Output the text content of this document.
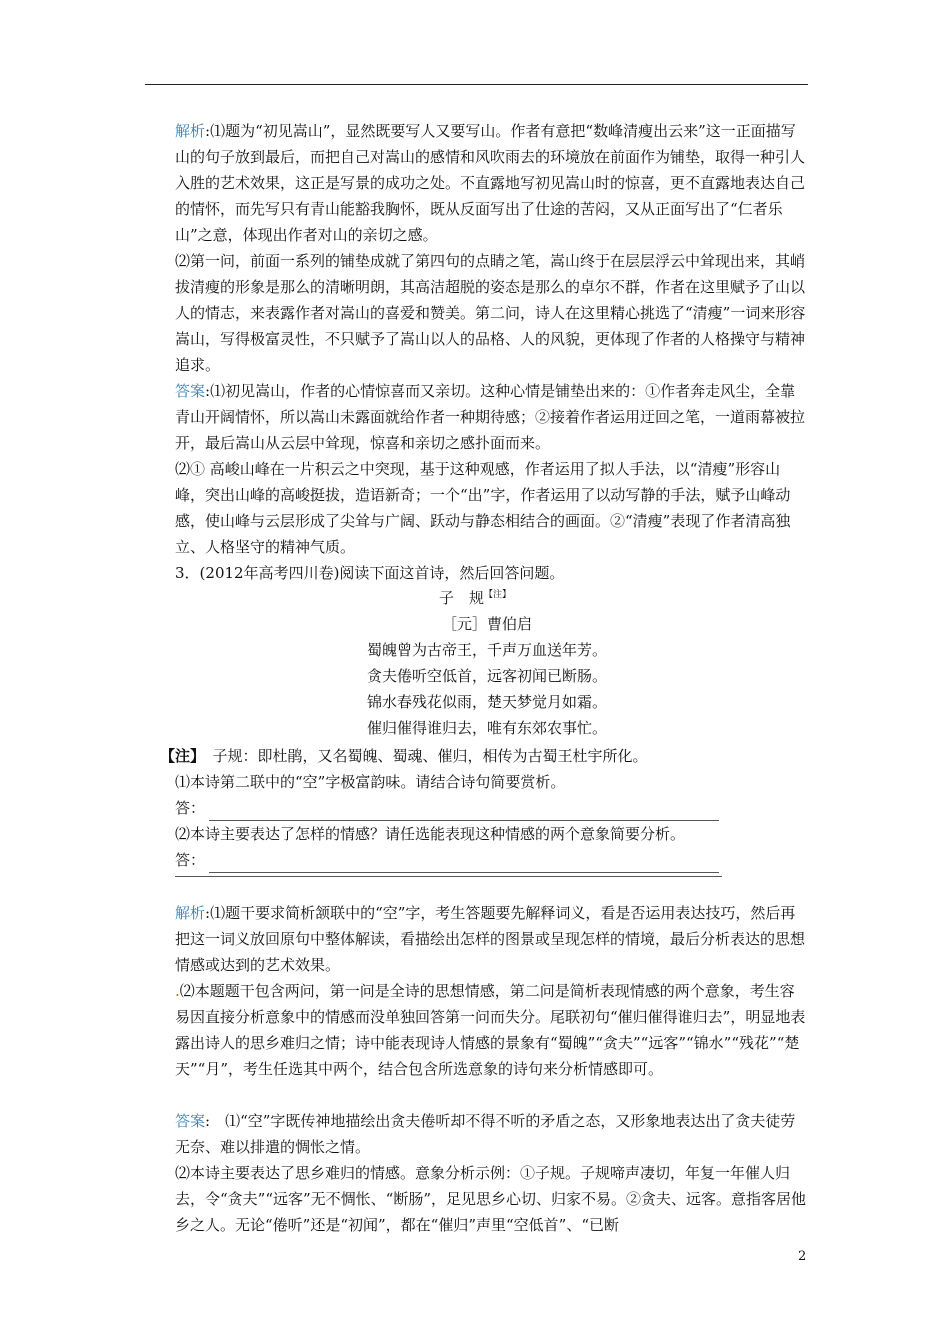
解析:⑴题为“初见嵩山”，显然既要写人又要写山。作者有意把“数峰清瘦出云来”这一正面描写山的句子放到最后，而把自己对嵩山的感情和风吹雨去的环境放在前面作为铺垫，取得一种引人入胜的艺术效果，这正是写景的成功之处。不直露地写初见嵩山时的惊喜，更不直露地表达自己的情怀，而先写只有青山能豁我胸怀，既从反面写出了仕途的苦闷，又从正面写出了“仁者乐山”之意，体现出作者对山的亲切之感。

⑵第一问，前面一系列的铺垫成就了第四句的点睛之笔，嵩山终于在层层浮云中耸现出来，其峭拔清瘦的形象是那么的清晰明朗，其高洁超脱的姿态是那么的卓尔不群，作者在这里赋予了山以人的情志，来表露作者对嵩山的喜爱和赞美。第二问，诗人在这里精心挑选了“清瘦”一词来形容嵩山，写得极富灵性，不只赋予了嵩山以人的品格、人的风貌，更体现了作者的人格操守与精神追求。

答案:⑴初见嵩山，作者的心情惊喜而又亲切。这种心情是铺垫出来的：①作者奔走风尘，全靠青山开阔情怀，所以嵩山未露面就给作者一种期待感；②接着作者运用迂回之笔，一道雨幕被拉开，最后嵩山从云层中耸现，惊喜和亲切之感扑面而来。

⑵① 高峻山峰在一片积云之中突现，基于这种观感，作者运用了拟人手法，以“清瘦”形容山峰，突出山峰的高峻挺拔，造语新奇；一个“出”字，作者运用了以动写静的手法，赋予山峰动感，使山峰与云层形成了尖耸与广阔、跃动与静态相结合的画面。②“清瘦”表现了作者清高独立、人格坚守的精神气质。

3．(2012年高考四川卷)阅读下面这首诗，然后回答问题。

子　规$^{【注】}$
［元］曹伯启
蜀魄曾为古帝王，千声万血送年芳。
贪夫倦听空低首，远客初闻已断肠。
锦水春残花似雨，楚天梦觉月如霜。
催归催得谁归去，唯有东郊农事忙。

【注】　子规：即杜鹃，又名蜀魄、蜀魂、催归，相传为古蜀王杜宇所化。

⑴本诗第二联中的“空”字极富韵味。请结合诗句简要赏析。

答：

⑵本诗主要表达了怎样的情感？请任选能表现这种情感的两个意象简要分析。

答：

解析:⑴题干要求简析颔联中的“空”字，考生答题要先解释词义，看是否运用表达技巧，然后再把这一词义放回原句中整体解读，看描绘出怎样的图景或呈现怎样的情境，最后分析表达的思想情感或达到的艺术效果。

.⑵本题题干包含两问，第一问是全诗的思想情感，第二问是简析表现情感的两个意象，考生容易因直接分析意象中的情感而没单独回答第一问而失分。尾联初句“催归催得谁归去”，明显地表露出诗人的思乡难归之情；诗中能表现诗人情感的景象有“蜀魄”“贪夫”“远客”“锦水”“残花”“楚天”“月”，考生任选其中两个，结合包含所选意象的诗句来分析情感即可。

答案:　⑴“空”字既传神地描绘出贪夫倦听却不得不听的矛盾之态，又形象地表达出了贪夫徒劳无奈、难以排遣的惆怅之情。

⑵本诗主要表达了思乡难归的情感。意象分析示例：①子规。子规啼声凄切，年复一年催人归去，令“贪夫”“远客”无不惆怅、“断肠”，足见思乡心切、归家不易。②贪夫、远客。意指客居他乡之人。无论“倦听”还是“初闻”，都在“催归”声里“空低首”、“已断

2
